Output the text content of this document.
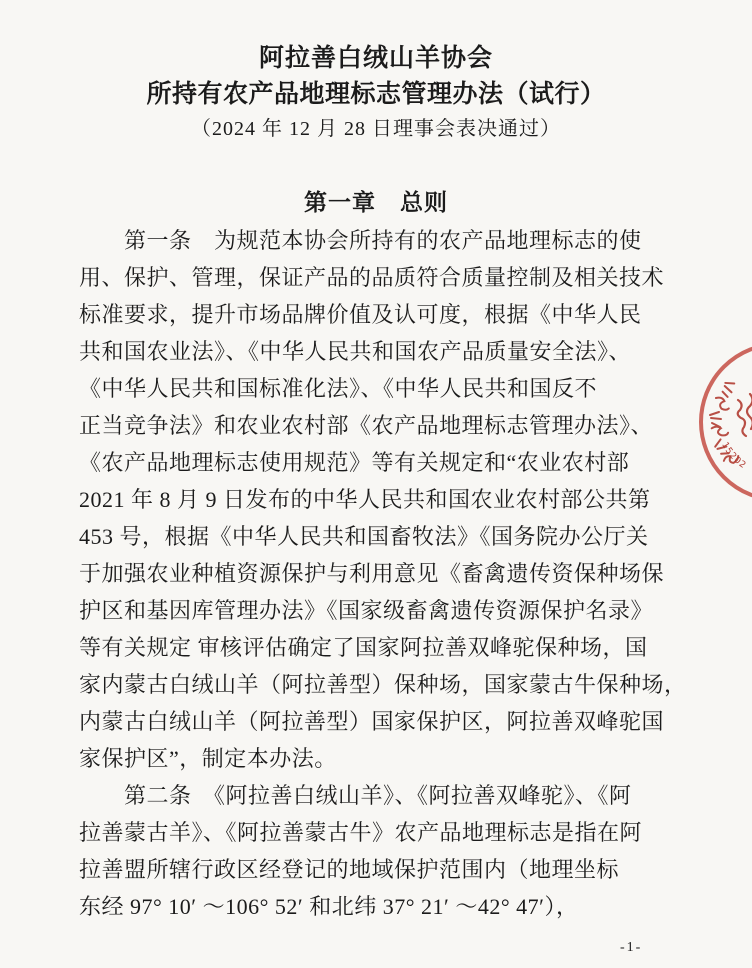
阿拉善白绒山羊协会
所持有农产品地理标志管理办法（试行）
（2024 年 12 月 28 日理事会表决通过）
第一章　总则
　　第一条　为规范本协会所持有的农产品地理标志的使
用、保护、管理，保证产品的品质符合质量控制及相关技术
标准要求，提升市场品牌价值及认可度，根据《中华人民
共和国农业法》、《中华人民共和国农产品质量安全法》、
《中华人民共和国标准化法》、《中华人民共和国反不
正当竞争法》和农业农村部《农产品地理标志管理办法》、
《农产品地理标志使用规范》等有关规定和“农业农村部
2021 年 8 月 9 日发布的中华人民共和国农业农村部公共第
453 号，根据《中华人民共和国畜牧法》《国务院办公厅关
于加强农业种植资源保护与利用意见《畜禽遗传资保种场保
护区和基因库管理办法》《国家级畜禽遗传资源保护名录》
等有关规定 审核评估确定了国家阿拉善双峰驼保种场，国
家内蒙古白绒山羊（阿拉善型）保种场，国家蒙古牛保种场，
内蒙古白绒山羊（阿拉善型）国家保护区，阿拉善双峰驼国
家保护区”，制定本办法。
　　第二条　《阿拉善白绒山羊》、《阿拉善双峰驼》、《阿
拉善蒙古羊》、《阿拉善蒙古牛》农产品地理标志是指在阿
拉善盟所辖行政区经登记的地域保护范围内（地理坐标
东经 97° 10′ ～106° 52′ 和北纬 37° 21′ ～42° 47′），
15202
-1-
